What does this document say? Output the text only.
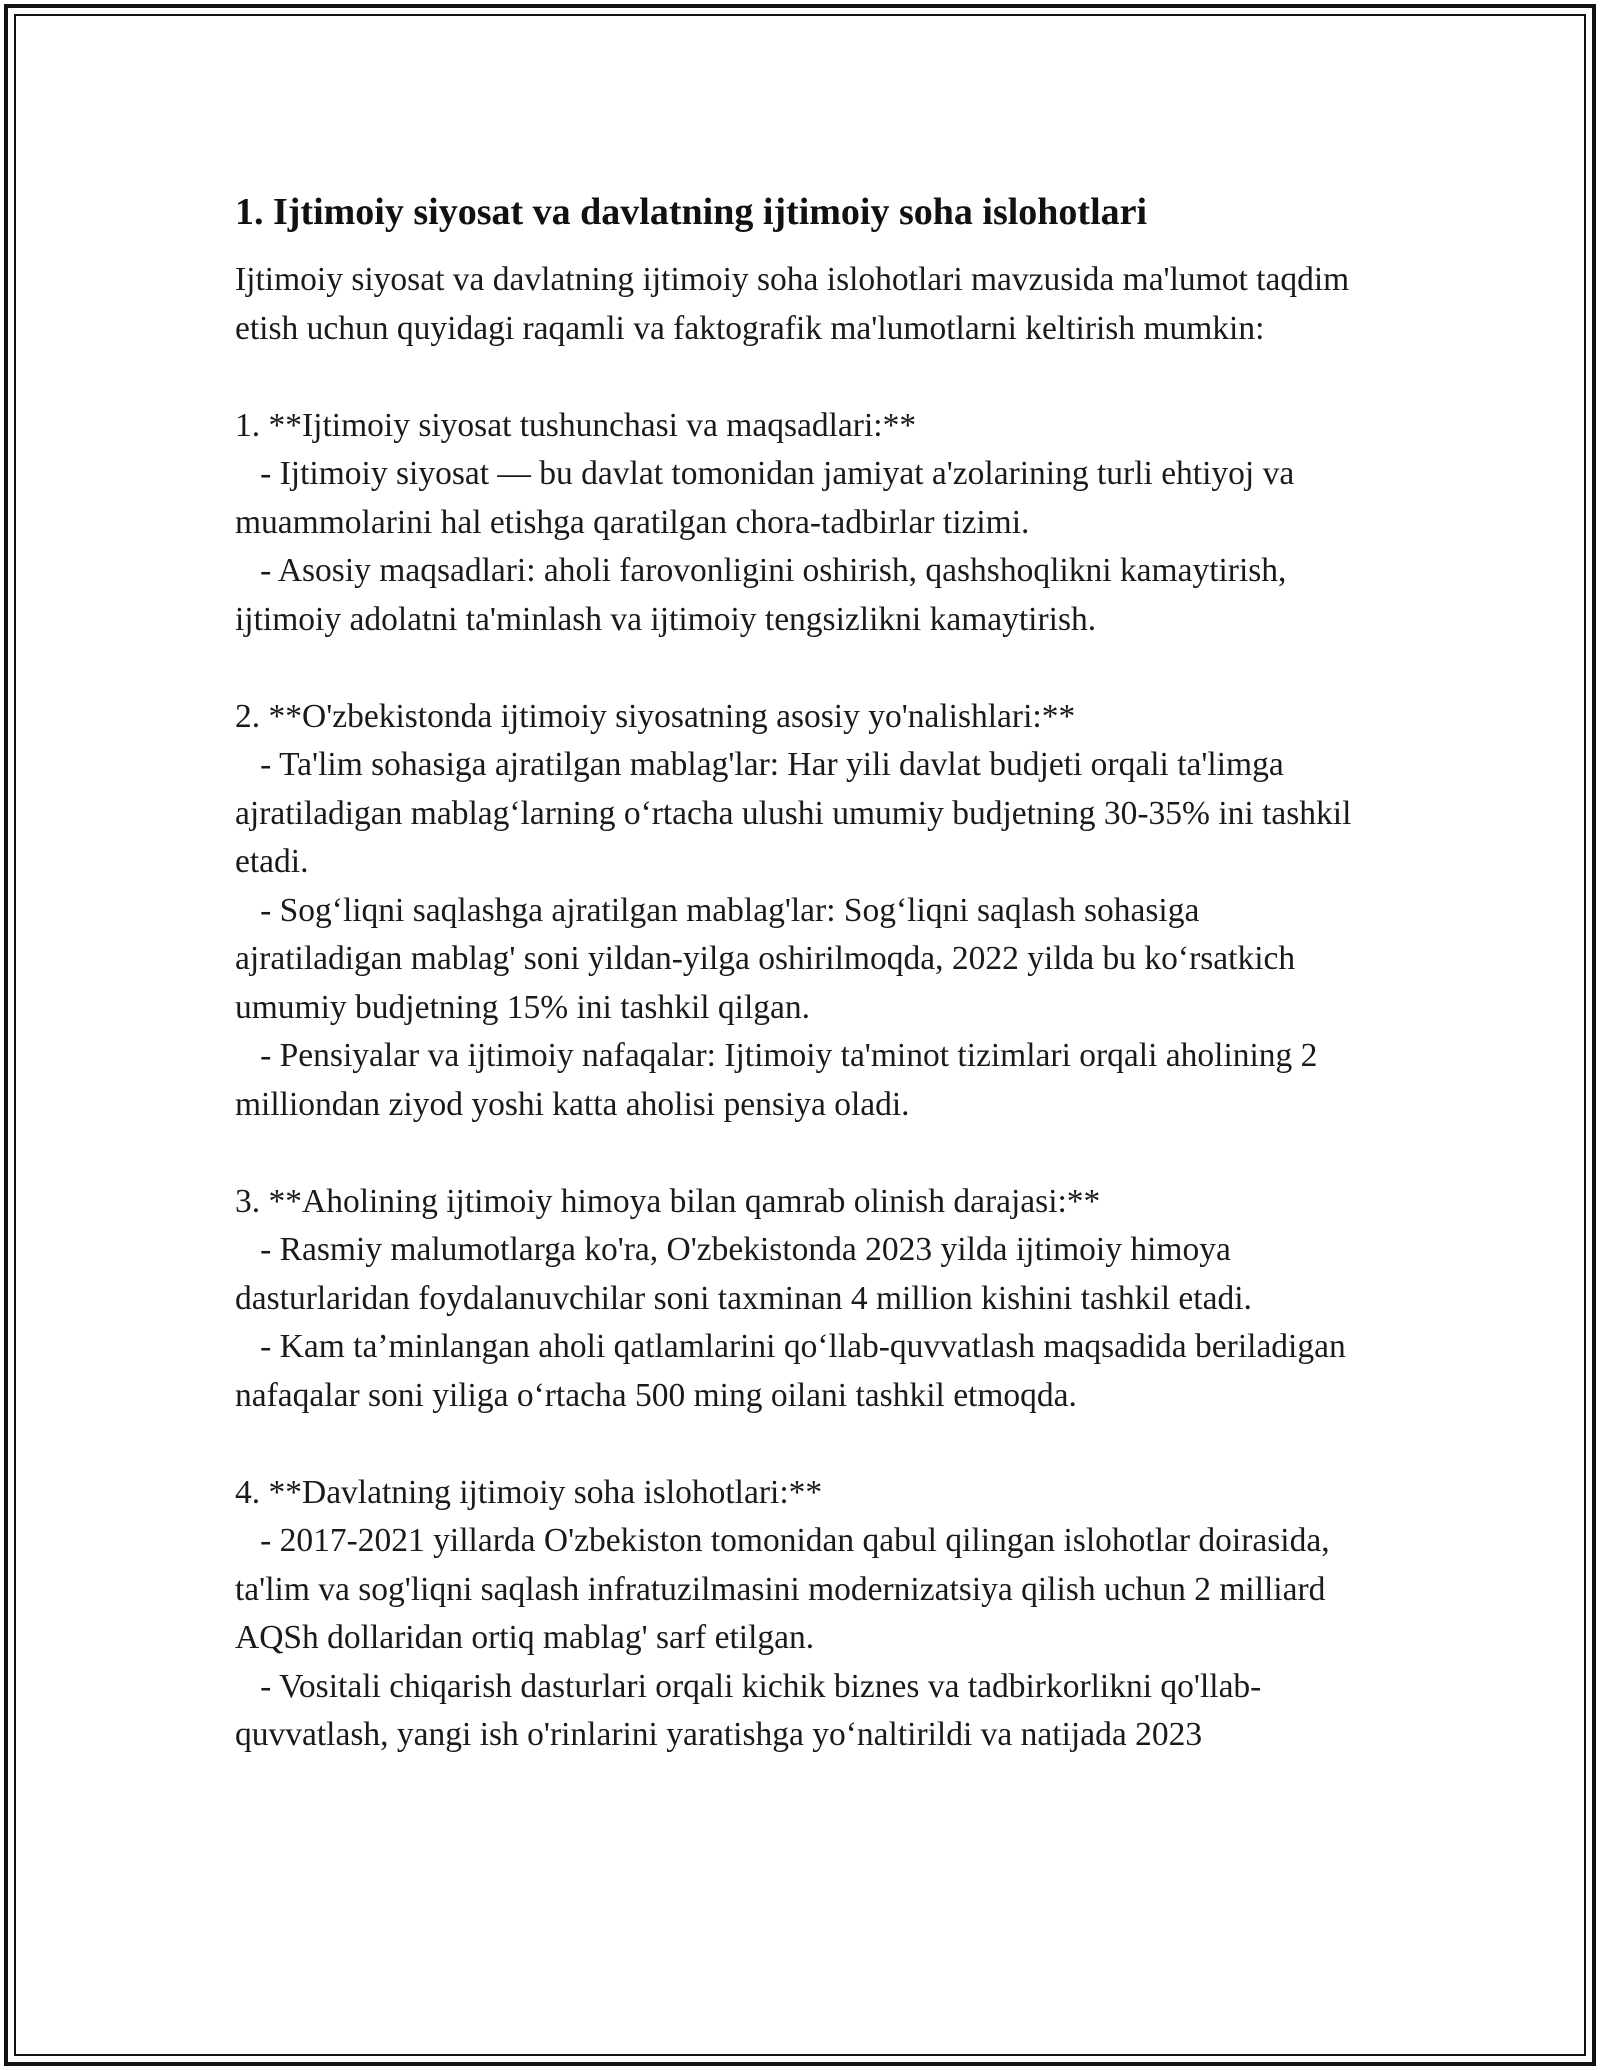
1. Ijtimoiy siyosat va davlatning ijtimoiy soha islohotlari

Ijtimoiy siyosat va davlatning ijtimoiy soha islohotlari mavzusida ma'lumot taqdim etish uchun quyidagi raqamli va faktografik ma'lumotlarni keltirish mumkin:

1. **Ijtimoiy siyosat tushunchasi va maqsadlari:**

- Ijtimoiy siyosat — bu davlat tomonidan jamiyat a'zolarining turli ehtiyoj va muammolarini hal etishga qaratilgan chora-tadbirlar tizimi.

- Asosiy maqsadlari: aholi farovonligini oshirish, qashshoqlikni kamaytirish, ijtimoiy adolatni ta'minlash va ijtimoiy tengsizlikni kamaytirish.

2. **O'zbekistonda ijtimoiy siyosatning asosiy yo'nalishlari:**

- Ta'lim sohasiga ajratilgan mablag'lar: Har yili davlat budjeti orqali ta'limga ajratiladigan mablag‘larning o‘rtacha ulushi umumiy budjetning 30-35% ini tashkil etadi.

- Sog‘liqni saqlashga ajratilgan mablag'lar: Sog‘liqni saqlash sohasiga ajratiladigan mablag' soni yildan-yilga oshirilmoqda, 2022 yilda bu ko‘rsatkich umumiy budjetning 15% ini tashkil qilgan.

- Pensiyalar va ijtimoiy nafaqalar: Ijtimoiy ta'minot tizimlari orqali aholining 2 milliondan ziyod yoshi katta aholisi pensiya oladi.

3. **Aholining ijtimoiy himoya bilan qamrab olinish darajasi:**

- Rasmiy malumotlarga ko'ra, O'zbekistonda 2023 yilda ijtimoiy himoya dasturlaridan foydalanuvchilar soni taxminan 4 million kishini tashkil etadi.

- Kam ta’minlangan aholi qatlamlarini qo‘llab-quvvatlash maqsadida beriladigan nafaqalar soni yiliga o‘rtacha 500 ming oilani tashkil etmoqda.

4. **Davlatning ijtimoiy soha islohotlari:**

- 2017-2021 yillarda O'zbekiston tomonidan qabul qilingan islohotlar doirasida, ta'lim va sog'liqni saqlash infratuzilmasini modernizatsiya qilish uchun 2 milliard AQSh dollaridan ortiq mablag' sarf etilgan.

- Vositali chiqarish dasturlari orqali kichik biznes va tadbirkorlikni qo'llab-quvvatlash, yangi ish o'rinlarini yaratishga yo‘naltirildi va natijada 2023
